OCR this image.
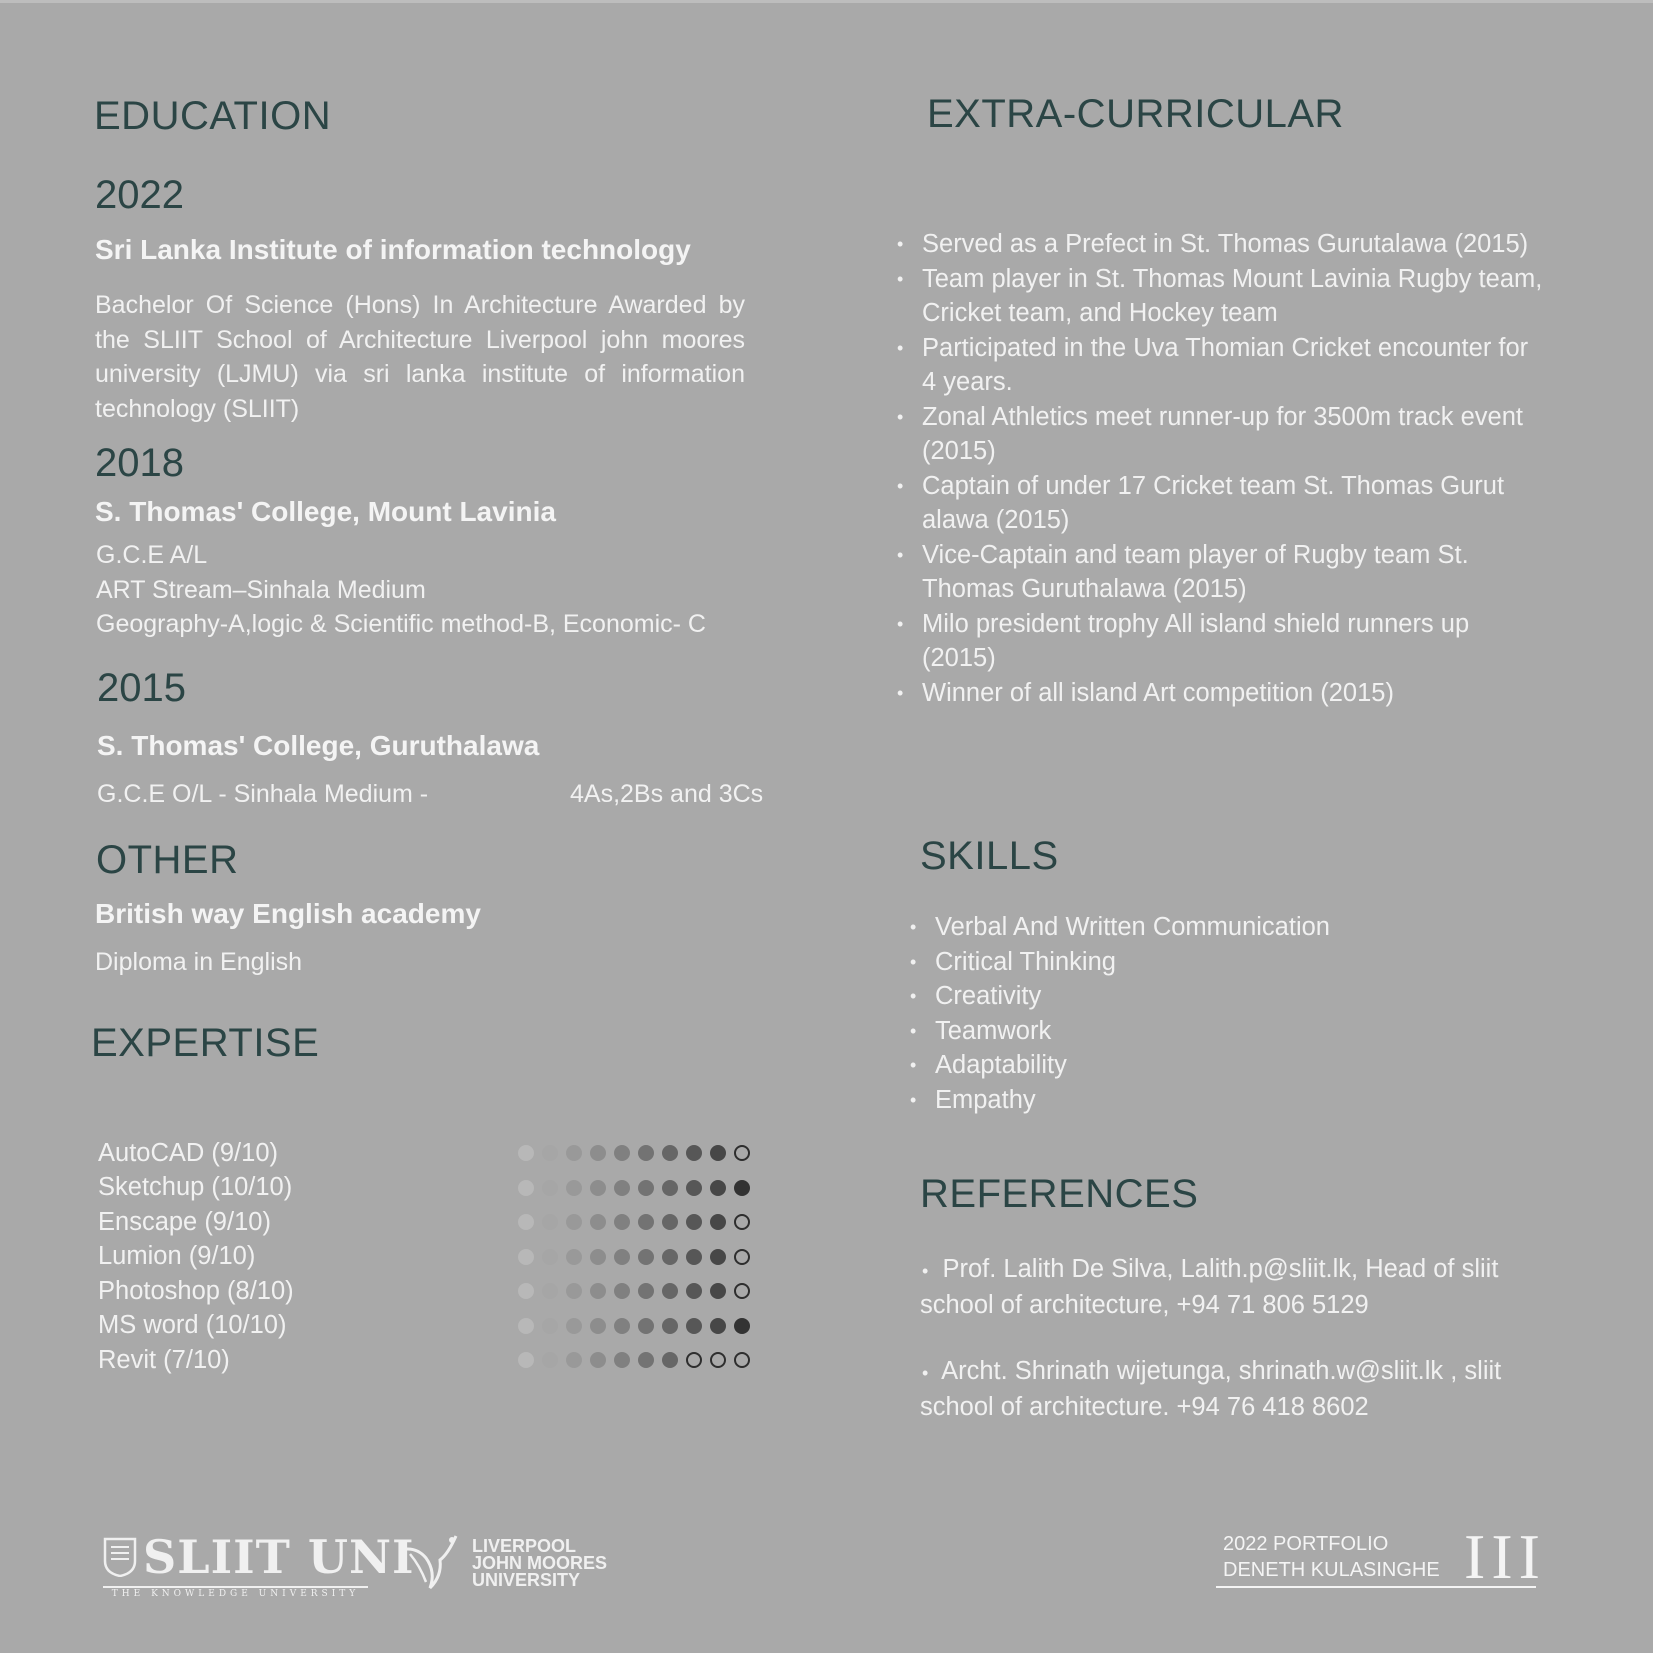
EDUCATION
2022
Sri Lanka Institute of information technology

Bachelor Of Science (Hons) In Architecture Awarded by the SLIIT School of Architecture Liverpool john moores university (LJMU) via sri lanka institute of information technology (SLIIT)

2018
S. Thomas' College, Mount Lavinia

G.C.E A/L

ART Stream–Sinhala Medium

Geography-A,logic & Scientific method-B, Economic- C

2015
S. Thomas' College, Guruthalawa
G.C.E O/L - Sinhala Medium -	4As,2Bs and 3Cs
OTHER
British way English academy
Diploma in English
EXPERTISE
AutoCAD (9/10)
Sketchup (10/10)
Enscape (9/10)
Lumion (9/10)
Photoshop (8/10)
MS word (10/10)
Revit (7/10)
EXTRA-CURRICULAR
• Served as a Prefect in St. Thomas Gurutalawa (2015)
• Team player in St. Thomas Mount Lavinia Rugby team, Cricket team, and Hockey team
• Participated in the Uva Thomian Cricket encounter for 4 years.
• Zonal Athletics meet runner-up for 3500m track event (2015)
• Captain of under 17 Cricket team St. Thomas Gurut alawa (2015)
• Vice-Captain and team player of Rugby team St. Thomas Guruthalawa (2015)
• Milo president trophy All island shield runners up (2015)
• Winner of all island Art competition (2015)
SKILLS
• Verbal And Written Communication
• Critical Thinking
• Creativity
• Teamwork
• Adaptability
• Empathy
REFERENCES

• Prof. Lalith De Silva, Lalith.p@sliit.lk, Head of sliit

school of architecture, +94 71 806 5129

• Archt. Shrinath wijetunga, shrinath.w@sliit.lk , sliit

school of architecture. +94 76 418 8602

SLIIT UNI
THE KNOWLEDGE UNIVERSITY
LIVERPOOL
JOHN MOORES
UNIVERSITY
2022 PORTFOLIO
DENETH KULASINGHE III
